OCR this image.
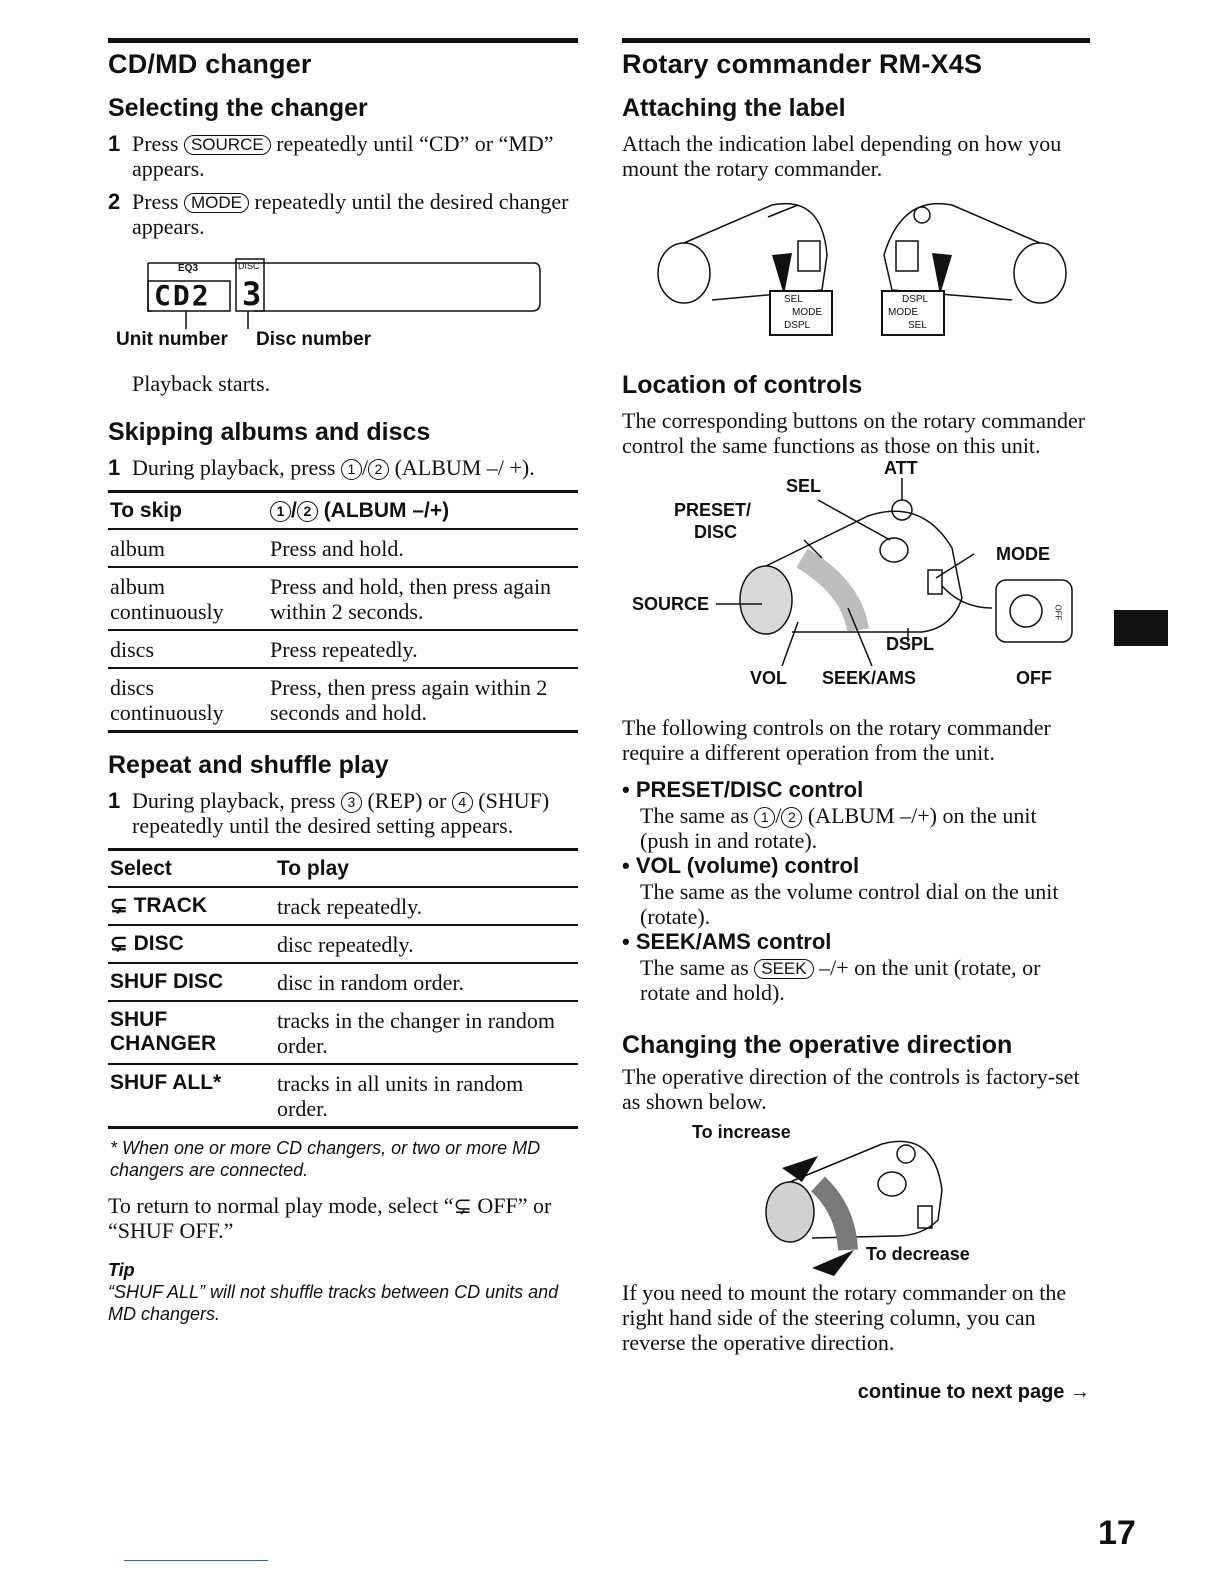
CD/MD changer
Selecting the changer
1 Press SOURCE repeatedly until “CD” or “MD” appears.
2 Press MODE repeatedly until the desired changer appears.
EQ3	DISC
CD2 3
Unit number Disc number
Playback starts.
Skipping albums and discs
1 During playback, press 1 / 2 (ALBUM –/ +).
To skip	1 / 2 (ALBUM –/+)
album	Press and hold.
album continuously	Press and hold, then press again within 2 seconds.
discs	Press repeatedly.
discs continuously	Press, then press again within 2 seconds and hold.
Repeat and shuffle play
1 During playback, press 3 (REP) or 4 (SHUF) repeatedly until the desired setting appears.
Select	To play
⊊ TRACK	track repeatedly.
⊊ DISC	disc repeatedly.
SHUF DISC	disc in random order.
SHUF CHANGER	tracks in the changer in random order.
SHUF ALL*	tracks in all units in random order.
* When one or more CD changers, or two or more MD changers are connected.
To return to normal play mode, select “⊊ OFF” or “SHUF OFF.”
Tip
“SHUF ALL” will not shuffle tracks between CD units and MD changers.
Rotary commander RM-X4S
Attaching the label
Attach the indication label depending on how you mount the rotary commander.
SEL
MODE
DSPL
DSPL
MODE
SEL
Location of controls
The corresponding buttons on the rotary commander control the same functions as those on this unit.
ATT
SEL
PRESET/
DISC
MODE
SOURCE
DSPL
VOL SEEK/AMS	OFF
OFF
The following controls on the rotary commander require a different operation from the unit.
• PRESET/DISC control
The same as 1 / 2 (ALBUM –/+) on the unit (push in and rotate).
• VOL (volume) control
The same as the volume control dial on the unit (rotate).
• SEEK/AMS control
The same as SEEK –/+ on the unit (rotate, or rotate and hold).
Changing the operative direction
The operative direction of the controls is factory-set as shown below.
To increase
To decrease
If you need to mount the rotary commander on the right hand side of the steering column, you can reverse the operative direction.
continue to next page →
17
